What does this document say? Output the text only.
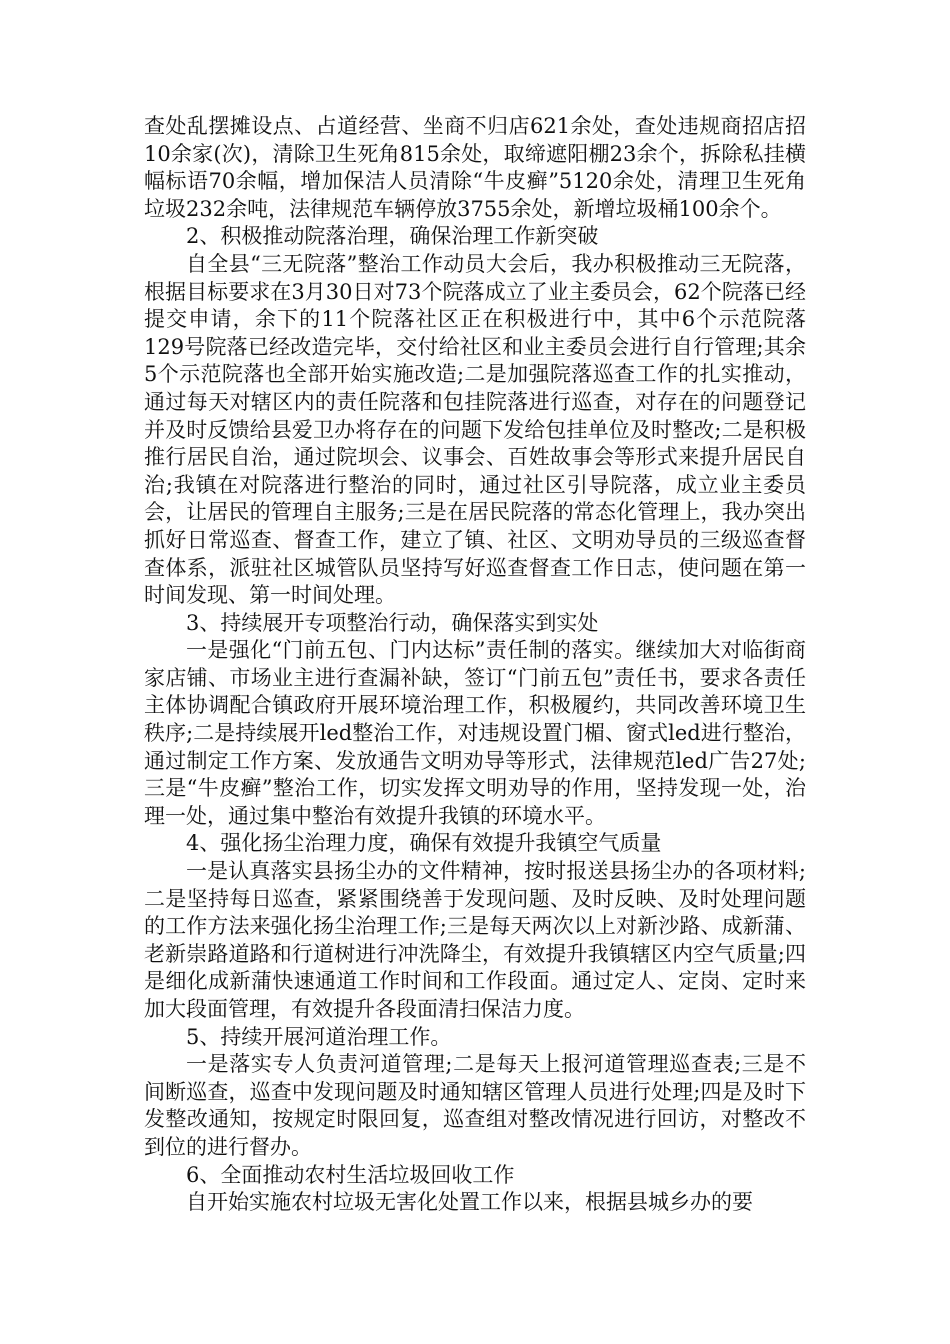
查处乱摆摊设点、占道经营、坐商不归店621余处，查处违规商招店招10余家(次)，清除卫生死角815余处，取缔遮阳棚23余个，拆除私挂横幅标语70余幅，增加保洁人员清除“牛皮癣”5120余处，清理卫生死角垃圾232余吨，法律规范车辆停放3755余处，新增垃圾桶100余个。

2、积极推动院落治理，确保治理工作新突破

自全县“三无院落”整治工作动员大会后，我办积极推动三无院落，根据目标要求在3月30日对73个院落成立了业主委员会，62个院落已经提交申请，余下的11个院落社区正在积极进行中，其中6个示范院落129号院落已经改造完毕，交付给社区和业主委员会进行自行管理;其余5个示范院落也全部开始实施改造;二是加强院落巡查工作的扎实推动，通过每天对辖区内的责任院落和包挂院落进行巡查，对存在的问题登记并及时反馈给县爱卫办将存在的问题下发给包挂单位及时整改;二是积极推行居民自治，通过院坝会、议事会、百姓故事会等形式来提升居民自治;我镇在对院落进行整治的同时，通过社区引导院落，成立业主委员会，让居民的管理自主服务;三是在居民院落的常态化管理上，我办突出抓好日常巡查、督查工作，建立了镇、社区、文明劝导员的三级巡查督查体系，派驻社区城管队员坚持写好巡查督查工作日志，使问题在第一时间发现、第一时间处理。

3、持续展开专项整治行动，确保落实到实处

一是强化“门前五包、门内达标”责任制的落实。继续加大对临街商家店铺、市场业主进行查漏补缺，签订“门前五包”责任书，要求各责任主体协调配合镇政府开展环境治理工作，积极履约，共同改善环境卫生秩序;二是持续展开led整治工作，对违规设置门楣、窗式led进行整治，通过制定工作方案、发放通告文明劝导等形式，法律规范led广告27处;三是“牛皮癣”整治工作，切实发挥文明劝导的作用，坚持发现一处，治理一处，通过集中整治有效提升我镇的环境水平。

4、强化扬尘治理力度，确保有效提升我镇空气质量

一是认真落实县扬尘办的文件精神，按时报送县扬尘办的各项材料;二是坚持每日巡查，紧紧围绕善于发现问题、及时反映、及时处理问题的工作方法来强化扬尘治理工作;三是每天两次以上对新沙路、成新蒲、老新崇路道路和行道树进行冲洗降尘，有效提升我镇辖区内空气质量;四是细化成新蒲快速通道工作时间和工作段面。通过定人、定岗、定时来加大段面管理，有效提升各段面清扫保洁力度。

5、持续开展河道治理工作。

一是落实专人负责河道管理;二是每天上报河道管理巡查表;三是不间断巡查，巡查中发现问题及时通知辖区管理人员进行处理;四是及时下发整改通知，按规定时限回复，巡查组对整改情况进行回访，对整改不到位的进行督办。

6、全面推动农村生活垃圾回收工作

自开始实施农村垃圾无害化处置工作以来，根据县城乡办的要
